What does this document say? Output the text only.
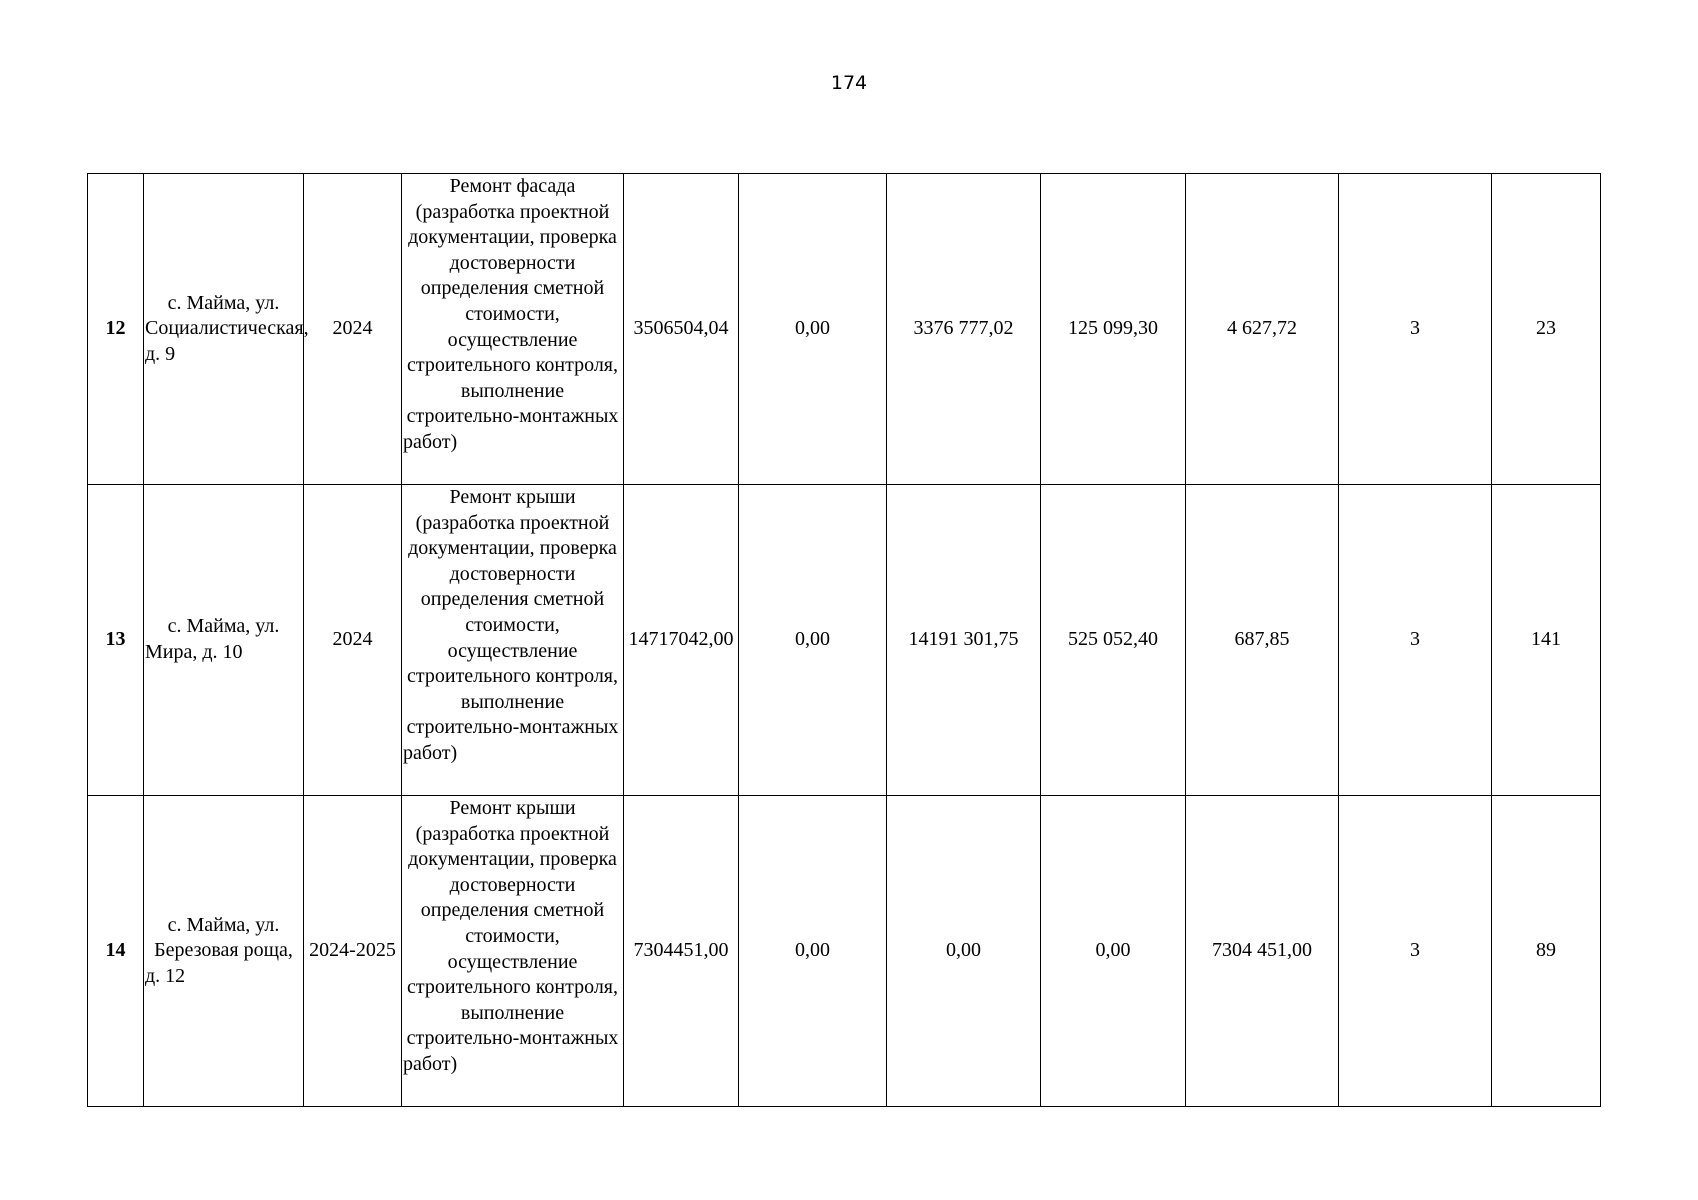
174
12	с. Майма, ул. Социалистическая, д. 9	2024	Ремонт фасада (разработка проектной документации, проверка достоверности определения сметной стоимости, осуществление строительного контроля, выполнение строительно-монтажных работ)	3506504,04	0,00	3376 777,02	125 099,30	4 627,72	3	23
13	с. Майма, ул. Мира, д. 10	2024	Ремонт крыши (разработка проектной документации, проверка достоверности определения сметной стоимости, осуществление строительного контроля, выполнение строительно-монтажных работ)	14717042,00	0,00	14191 301,75	525 052,40	687,85	3	141
14	с. Майма, ул. Березовая роща, д. 12	2024-2025	Ремонт крыши (разработка проектной документации, проверка достоверности определения сметной стоимости, осуществление строительного контроля, выполнение строительно-монтажных работ)	7304451,00	0,00	0,00	0,00	7304 451,00	3	89
